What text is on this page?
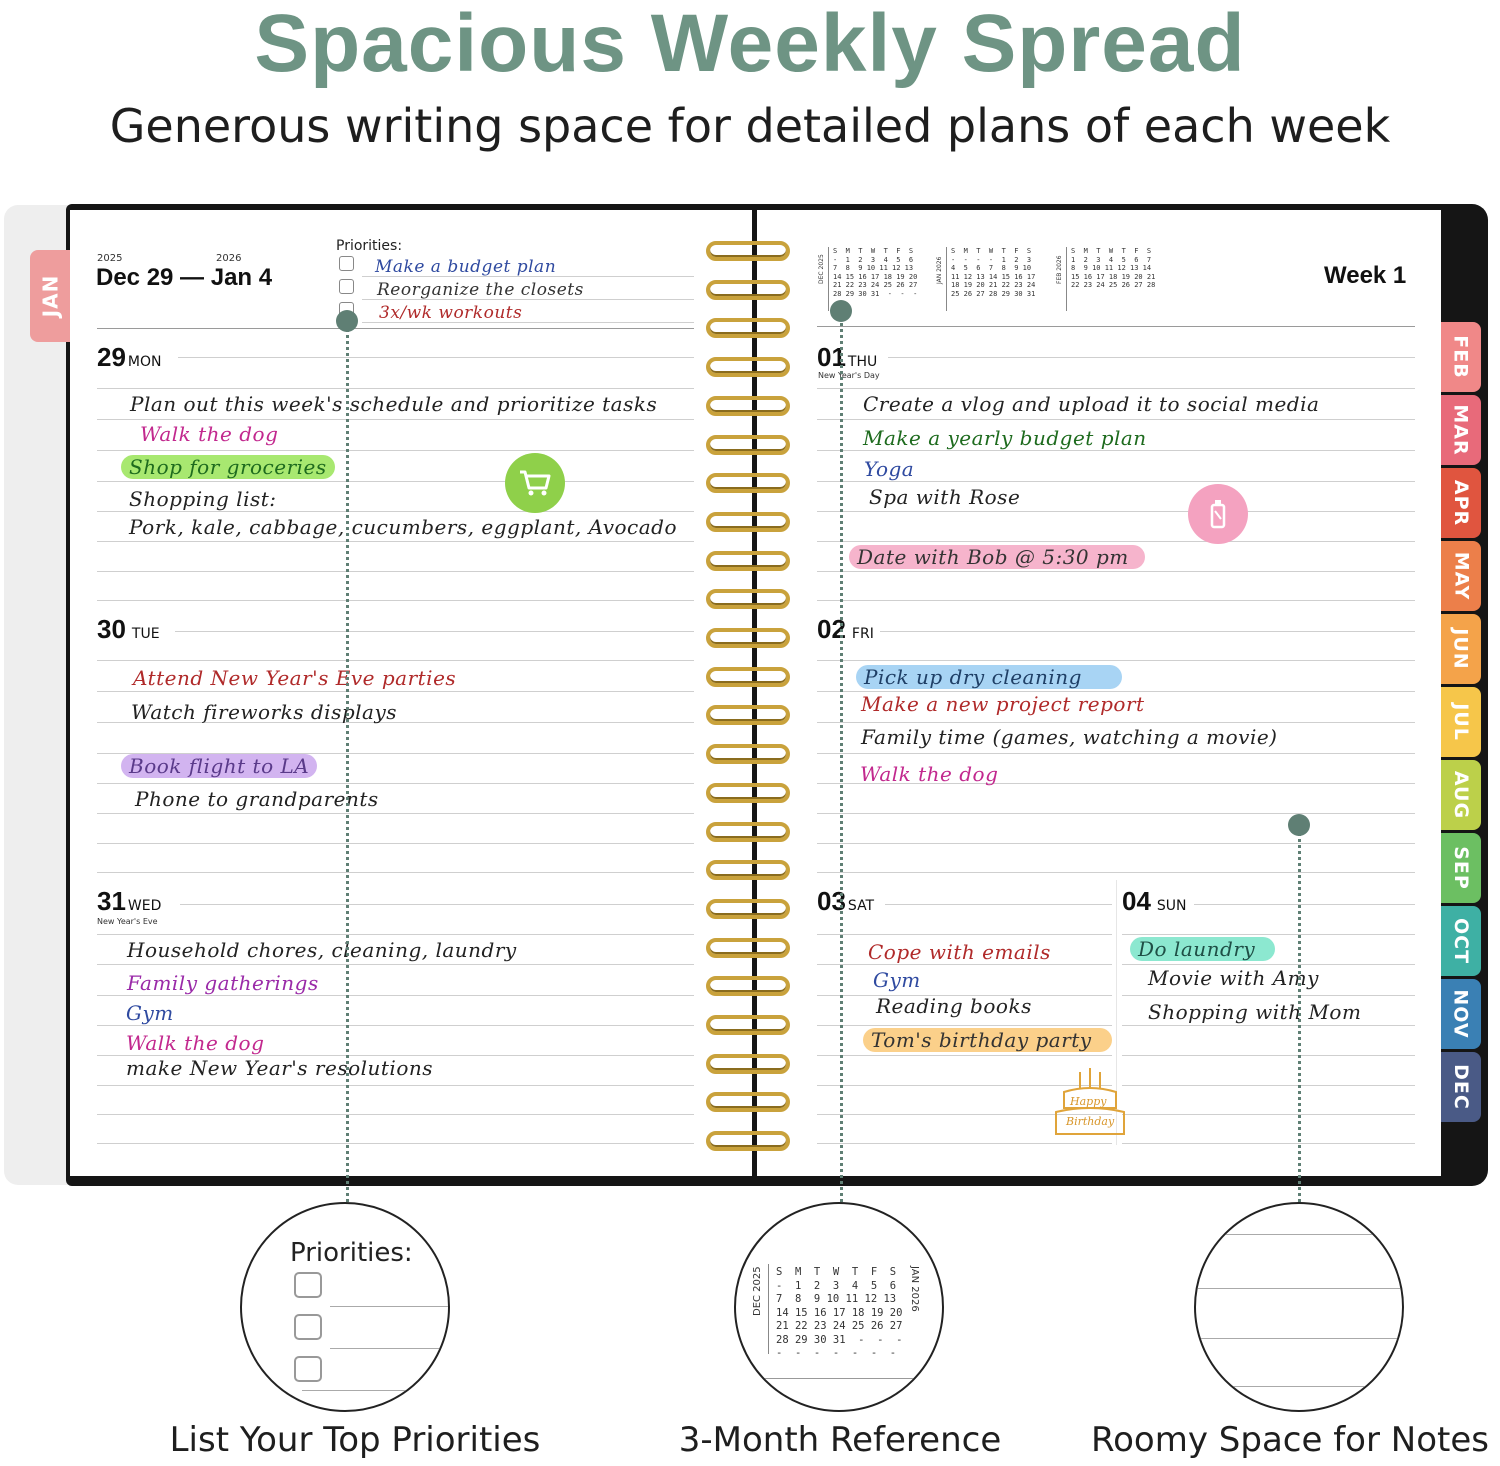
Spacious Weekly Spread
Generous writing space for detailed plans of each week
JAN
FEB
MAR
APR
MAY
JUN
JUL
AUG
SEP
OCT
NOV
DEC
2025	2026
Dec 29 — Jan 4
Priorities:
Make a budget plan
Reorganize the closets
3x/wk workouts
DEC 2025
S  M  T  W  T  F  S
-  1  2  3  4  5  6
7  8  9 10 11 12 13
14 15 16 17 18 19 20
21 22 23 24 25 26 27
28 29 30 31  -  -  -
JAN 2026
S  M  T  W  T  F  S
-  -  -  -  1  2  3
4  5  6  7  8  9 10
11 12 13 14 15 16 17
18 19 20 21 22 23 24
25 26 27 28 29 30 31
FEB 2026
S  M  T  W  T  F  S
1  2  3  4  5  6  7
8  9 10 11 12 13 14
15 16 17 18 19 20 21
22 23 24 25 26 27 28	Week 1
29 MON
Plan out this week's schedule and prioritize tasks
Walk the dog
Shop for groceries
Shopping list:
Pork, kale, cabbage, cucumbers, eggplant, Avocado
30 TUE
Attend New Year's Eve parties
Watch fireworks displays
Book flight to LA
Phone to grandparents
31 WED
New Year's Eve
Household chores, cleaning, laundry
Family gatherings
Gym
Walk the dog
make New Year's resolutions
01 THU
New Year's Day
Create a vlog and upload it to social media
Make a yearly budget plan
Yoga
Spa with Rose
Date with Bob @ 5:30 pm
02 FRI
Pick up dry cleaning
Make a new project report
Family time (games, watching a movie)
Walk the dog
03 SAT
Cope with emails
Gym
Reading books
Tom's birthday party
Happy
Birthday
04 SUN
Do laundry
Movie with Amy
Shopping with Mom
Priorities:
DEC 2025 S  M  T  W  T  F  S
-  1  2  3  4  5  6
7  8  9 10 11 12 13
14 15 16 17 18 19 20
21 22 23 24 25 26 27
28 29 30 31  -  -  -
-  -  -  -  -  -  -
JAN 2026
List Your Top Priorities	3-Month Reference	Roomy Space for Notes
